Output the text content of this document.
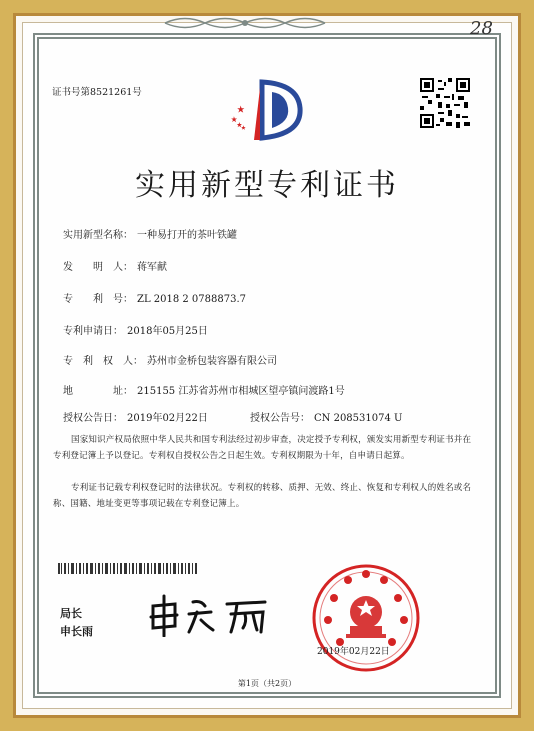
28
证书号第8521261号
实用新型专利证书
实用新型名称： 一种易打开的茶叶铁罐
发　　明　人： 蒋军献
专　　利　号： ZL 2018 2 0788873.7
专利申请日： 2018年05月25日
专　利　权　人： 苏州市金桥包装容器有限公司
地　　　　址： 215155 江苏省苏州市相城区望亭镇问渡路1号
授权公告日： 2019年02月22日	授权公告号： CN 208531074 U
国家知识产权局依照中华人民共和国专利法经过初步审查，决定授予专利权，颁发实用新型专利证书并在专利登记簿上予以登记。专利权自授权公告之日起生效。专利权期限为十年，自申请日起算。
专利证书记载专利权登记时的法律状况。专利权的转移、质押、无效、终止、恢复和专利权人的姓名或名称、国籍、地址变更等事项记载在专利登记簿上。
局长
申长雨
2019年02月22日
第1页（共2页）
